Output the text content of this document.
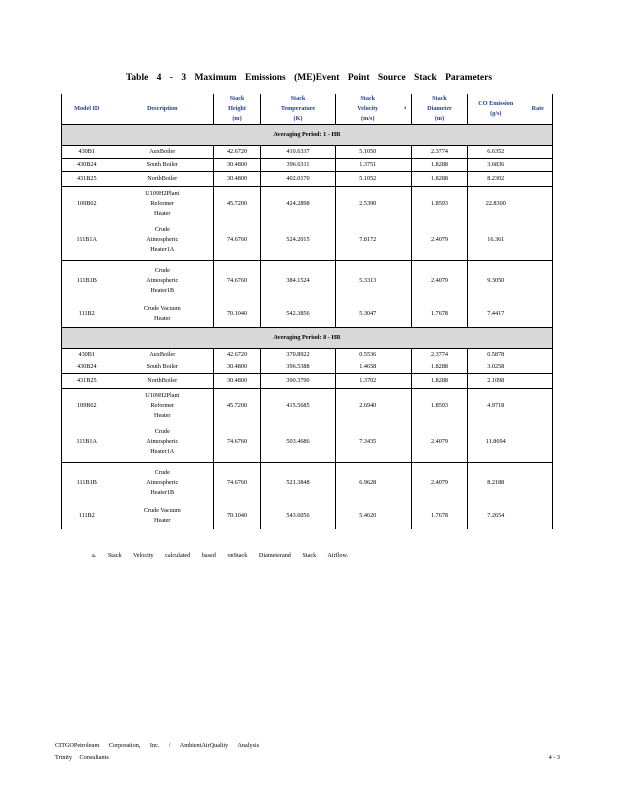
Table 4 - 3 Maximum Emissions (ME)Event Point Source Stack Parameters
Model ID	Description	Stack
Height
(m)	Stack
Temperature
(K)	Stack
Velocity
(m/s)	a	Stack
Diameter
(m)	CO Emission
(g/s)	Rate
Averaging Period: 1 - HR								
430B1	AuxBoiler	42.6720	410.6337	5.1050		2.3774	6.6352	
430B24	South Boiler	30.4800	396.6311	1.3751		1.8288	3.6836	
431B25	NorthBoiler	30.4800	402.0170	5.1052		1.8288	8.2302	
109B62	U109H2Plant
Reformer
Heater	45.7200	424.2898	2.5390		1.8593	22.8300	
111B1A	Crude
Atmospheric
Heater1A	74.6760	524.2015	7.8172		2.4079	16.361	
111B1B	Crude
Atmospheric
Heater1B	74.6760	384.1524	5.3313		2.4079	9.3050	
111B2	Crude Vacuum
Heater	70.1040	542.3856	5.3047		1.7678	7.4417	
Averaging Period: 8 - HR								
430B1	AuxBoiler	42.6720	370.8922	0.5536		2.3774	0.5878	
430B24	South Boiler	30.4800	396.5388	1.4658		1.8288	3.0258	
431B25	NorthBoiler	30.4800	390.3790	1.3702		1.8288	2.1098	
109B62	U109H2Plant
Reformer
Heater	45.7200	415.5685	2.6940		1.8593	4.9718	
111B1A	Crude
Atmospheric
Heater1A	74.6760	503.4686	7.3435		2.4079	11.8694	
111B1B	Crude
Atmospheric
Heater1B	74.6760	521.3848	6.9628		2.4079	8.2188	
111B2	Crude Vacuum
Heater	70.1040	543.6056	5.4620		1.7678	7.2654	
a. Stack Velocity calculated based onStack Diameterand Stack Airflow.
CITGOPetroleum Corporation, Inc. / AmbientAirQuality Analysis
Trinity Consultants	4 - 3
